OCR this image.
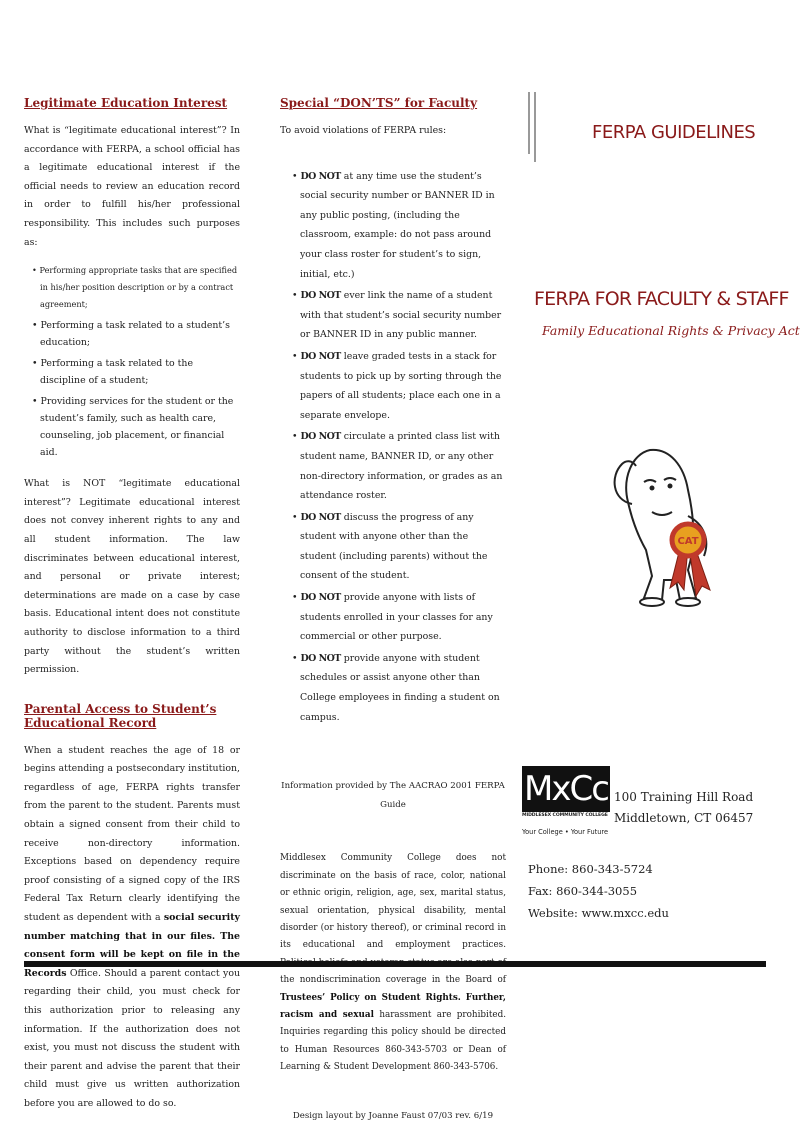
Legitimate Education Interest

What is “legitimate educational interest”? In accordance with FERPA, a school official has a legitimate educational interest if the official needs to review an education record in order to fulfill his/her professional responsibility. This includes such purposes as:

• Performing appropriate tasks that are specified in his/her position description or by a contract agreement;
• Performing a task related to a student’s education;
• Performing a task related to the discipline of a student;
• Providing services for the student or the student’s family, such as health care, counseling, job placement, or financial aid.

What is NOT “legitimate educational interest”? Legitimate educational interest does not convey inherent rights to any and all student information. The law discriminates between educational interest, and personal or private interest; determinations are made on a case by case basis. Educational intent does not constitute authority to disclose information to a third party without the student’s written permission.

Parental Access to Student’s Educational Record

When a student reaches the age of 18 or begins attending a postsecondary institution, regardless of age, FERPA rights transfer from the parent to the student. Parents must obtain a signed consent from their child to receive non-directory information. Exceptions based on dependency require proof consisting of a signed copy of the IRS Federal Tax Return clearly identifying the student as dependent with a social security number matching that in our files. The consent form will be kept on file in the Records Office. Should a parent contact you regarding their child, you must check for this authorization prior to releasing any information. If the authorization does not exist, you must not discuss the student with their parent and advise the parent that their child must give us written authorization before you are allowed to do so.

Special “DON’TS” for Faculty

To avoid violations of FERPA rules:

• DO NOT at any time use the student’s social security number or BANNER ID in any public posting, (including the classroom, example: do not pass around your class roster for student’s to sign, initial, etc.)
• DO NOT ever link the name of a student with that student’s social security number or BANNER ID in any public manner.
• DO NOT leave graded tests in a stack for students to pick up by sorting through the papers of all students; place each one in a separate envelope.
• DO NOT circulate a printed class list with student name, BANNER ID, or any other non-directory information, or grades as an attendance roster.
• DO NOT discuss the progress of any student with anyone other than the student (including parents) without the consent of the student.
• DO NOT provide anyone with lists of students enrolled in your classes for any commercial or other purpose.
• DO NOT provide anyone with student schedules or assist anyone other than College employees in finding a student on campus.

Information provided by The AACRAO 2001 FERPA Guide

Middlesex Community College does not discriminate on the basis of race, color, national or ethnic origin, religion, age, sex, marital status, sexual orientation, physical disability, mental disorder (or history thereof), or criminal record in its educational and employment practices. the nondiscrimination coverage in the Board of Trustees’ Policy on Student Rights. Further, racism and sexual harassment are prohibited. Inquiries regarding this policy should be directed to Human Resources 860-343-5703 or Dean of Learning & Student Development 860-343-5706.

Design layout by Joanne Faust 07/03 rev. 6/19

FERPA GUIDELINES
FERPA FOR FACULTY & STAFF
Family Educational Rights & Privacy Act
CAT
MxCc
MIDDLESEX COMMUNITY COLLEGE
Your College • Your Future
100 Training Hill Road
Middletown, CT 06457
Phone: 860-343-5724
Fax: 860-344-3055
Website: www.mxcc.edu
